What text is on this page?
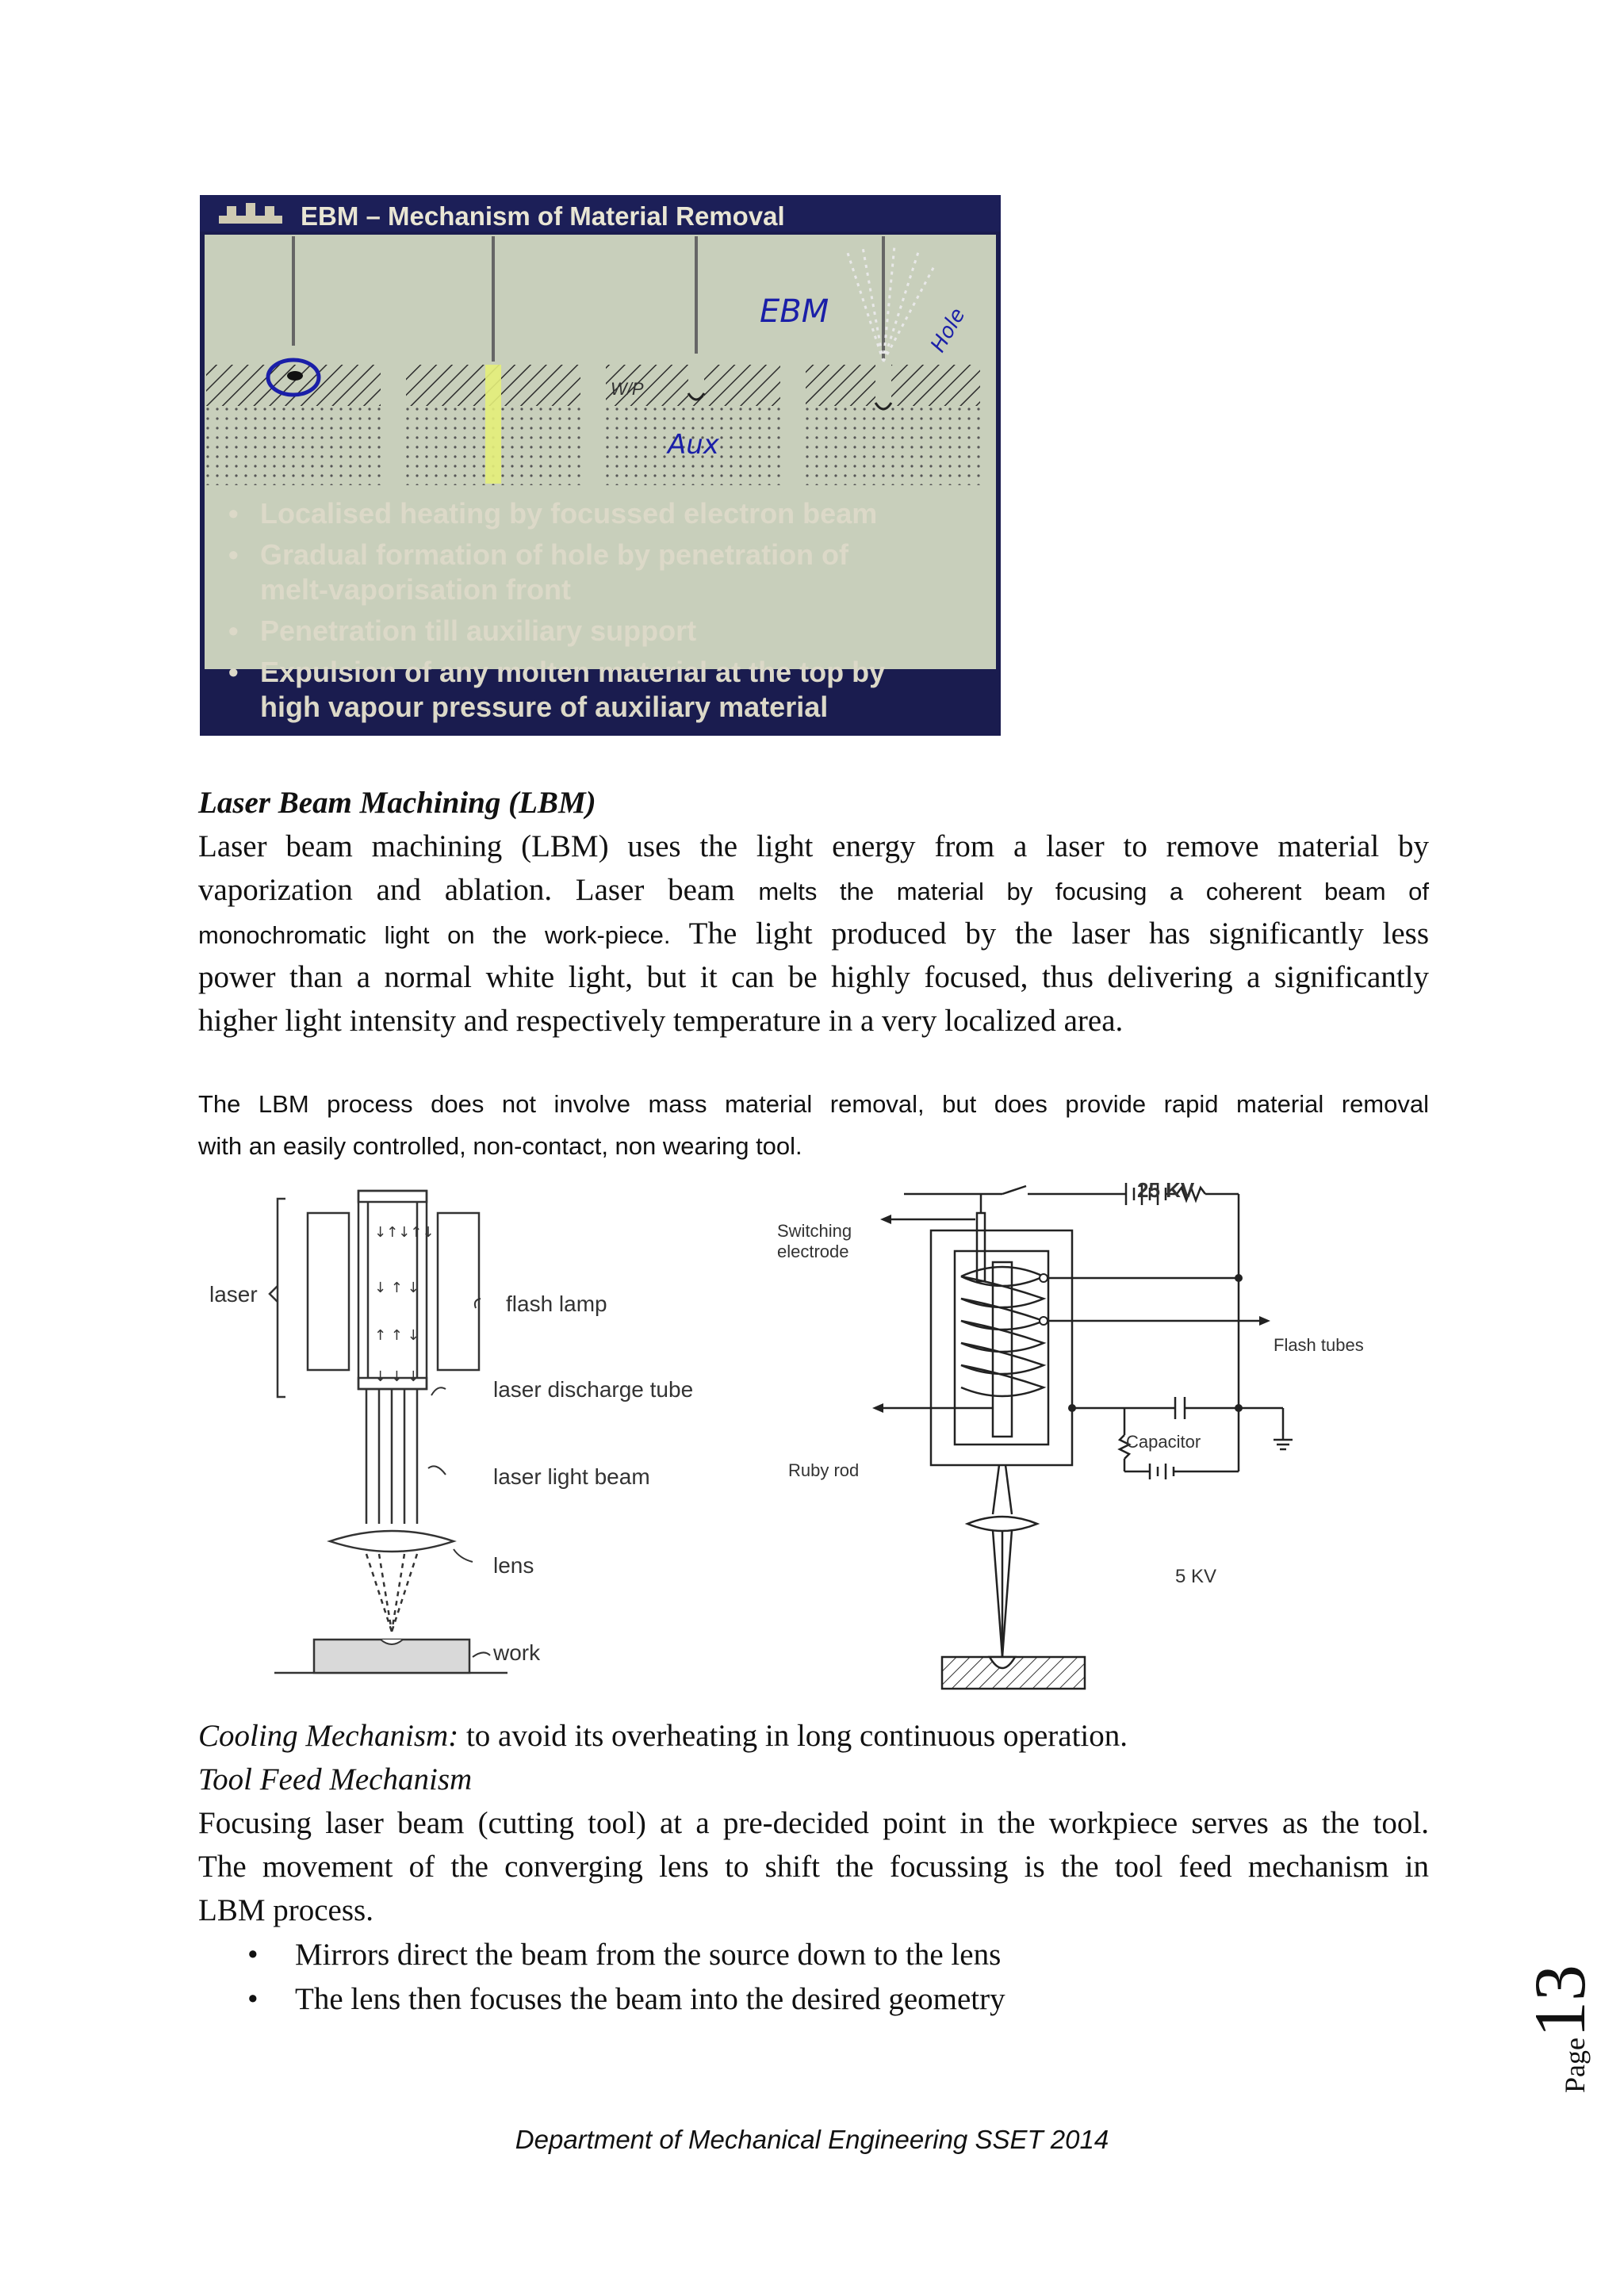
EBM – Mechanism of Material Removal
W/P
Aux
EBM	Hole
• Localised heating by focussed electron beam
• Gradual formation of hole by penetration of
melt-vaporisation front
• Penetration till auxiliary support
• Expulsion of any molten material at the top by
high vapour pressure of auxiliary material
Laser Beam Machining (LBM)
Laser beam machining (LBM) uses the light energy from a laser to remove material by
vaporization and ablation. Laser beam melts the material by focusing a coherent beam of
monochromatic light on the work-piece. The light produced by the laser has significantly less
power than a normal white light, but it can be highly focused, thus delivering a significantly
higher light intensity and respectively temperature in a very localized area.
The LBM process does not involve mass material removal, but does provide rapid material removal
with an easily controlled, non-contact, non wearing tool.
↓↑↓↑↓
↓ ↑ ↓
↑ ↑ ↓
↓ ↓ ↓
laser	flash lamp
laser discharge tube
laser light beam
lens
work
25 KV
Switching
electrode
Flash tubes
Capacitor
Ruby rod
5 KV
Cooling Mechanism: to avoid its overheating in long continuous operation.
Tool Feed Mechanism
Focusing laser beam (cutting tool) at a pre-decided point in the workpiece serves as the tool.
The movement of the converging lens to shift the focussing is the tool feed mechanism in
LBM process.
• Mirrors direct the beam from the source down to the lens
• The lens then focuses the beam into the desired geometry
Page13
Department of Mechanical Engineering SSET 2014
